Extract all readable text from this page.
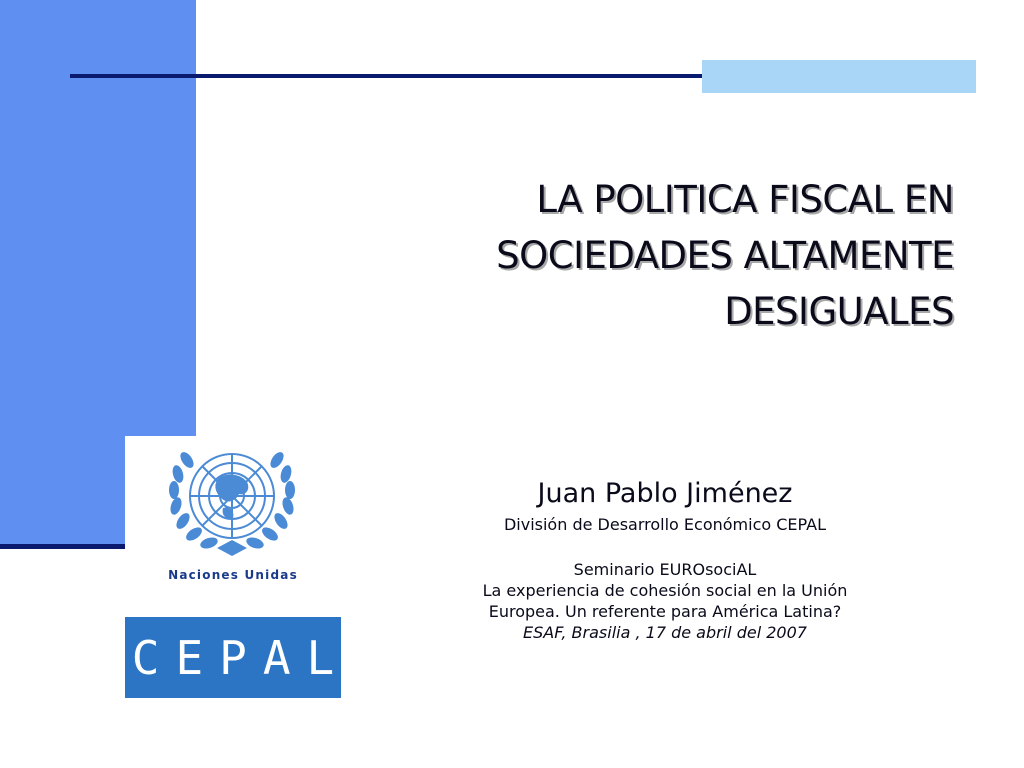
LA POLITICA FISCAL EN
SOCIEDADES ALTAMENTE
DESIGUALES
Naciones Unidas
CEPAL
Juan Pablo Jiménez
División de Desarrollo Económico CEPAL
Seminario EUROsociAL
La experiencia de cohesión social en la Unión
Europea. Un referente para América Latina?
ESAF, Brasilia , 17 de abril del 2007
